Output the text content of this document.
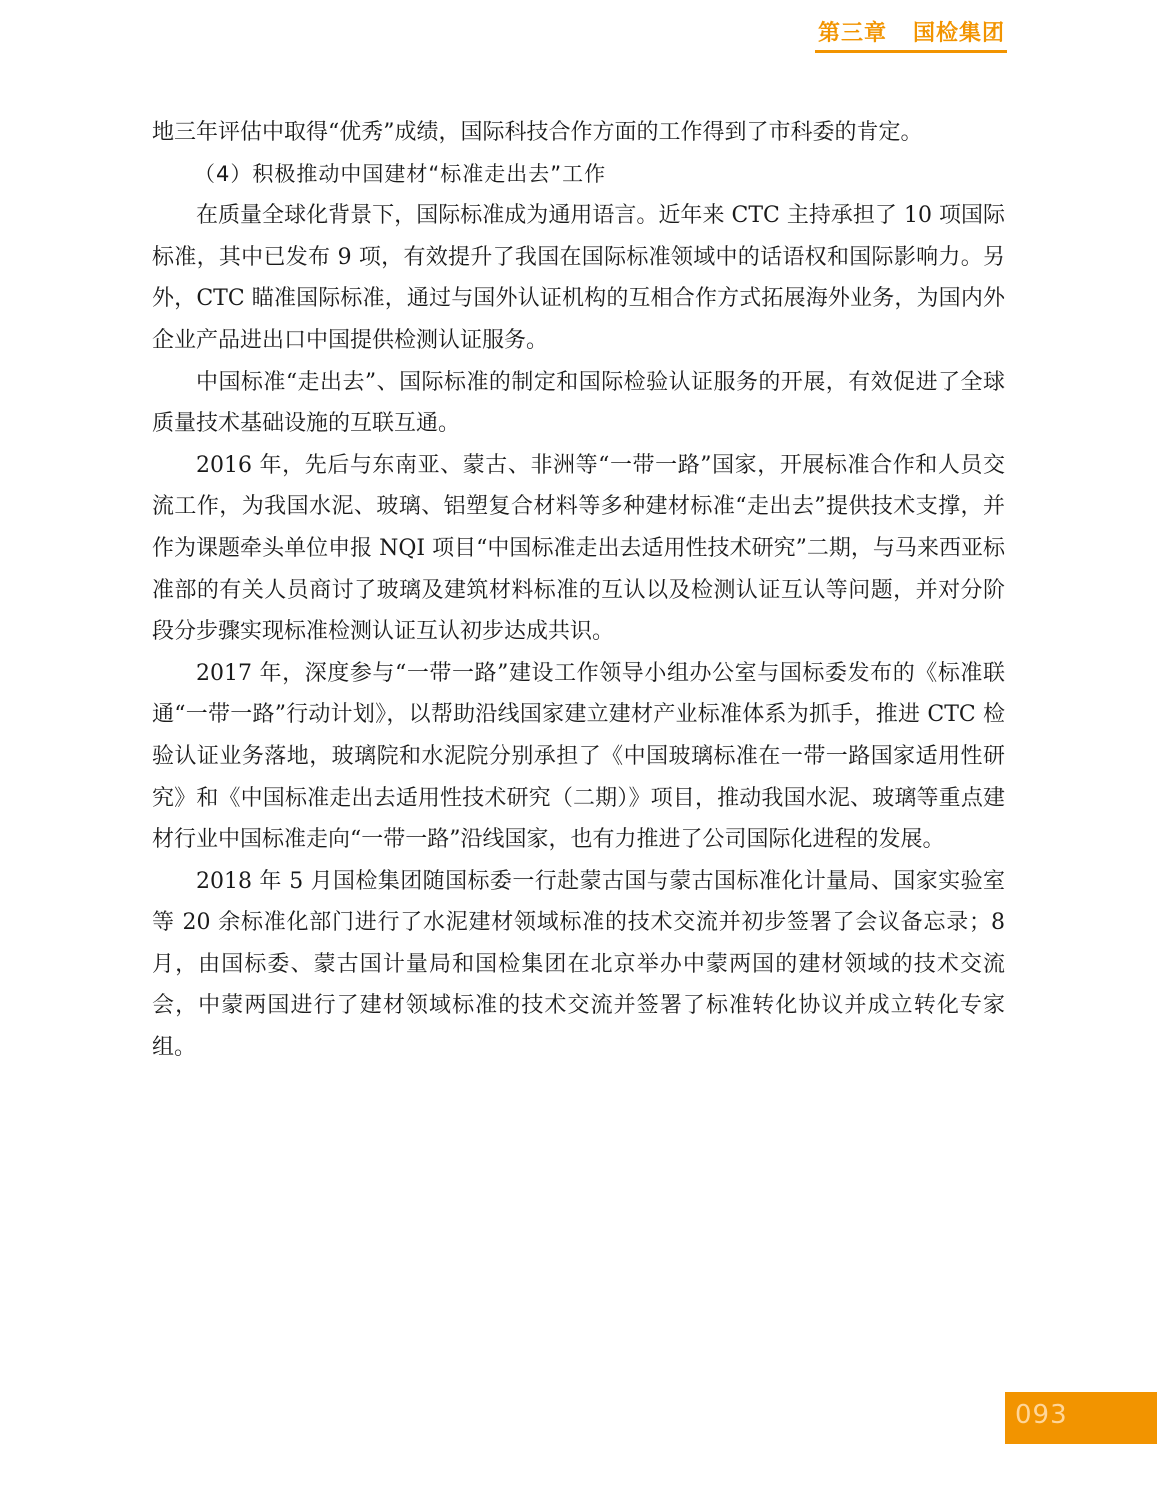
第三章 国检集团

地三年评估中取得“优秀”成绩，国际科技合作方面的工作得到了市科委的肯定。

（4）积极推动中国建材“标准走出去”工作

在质量全球化背景下，国际标准成为通用语言。近年来 CTC 主持承担了 10 项国际标准，其中已发布 9 项，有效提升了我国在国际标准领域中的话语权和国际影响力。另外，CTC 瞄准国际标准，通过与国外认证机构的互相合作方式拓展海外业务，为国内外企业产品进出口中国提供检测认证服务。

中国标准“走出去”、国际标准的制定和国际检验认证服务的开展，有效促进了全球质量技术基础设施的互联互通。

2016 年，先后与东南亚、蒙古、非洲等“一带一路”国家，开展标准合作和人员交流工作，为我国水泥、玻璃、铝塑复合材料等多种建材标准“走出去”提供技术支撑，并作为课题牵头单位申报 NQI 项目“中国标准走出去适用性技术研究”二期，与马来西亚标准部的有关人员商讨了玻璃及建筑材料标准的互认以及检测认证互认等问题，并对分阶段分步骤实现标准检测认证互认初步达成共识。

2017 年，深度参与“一带一路”建设工作领导小组办公室与国标委发布的《标准联通“一带一路”行动计划》，以帮助沿线国家建立建材产业标准体系为抓手，推进 CTC 检验认证业务落地，玻璃院和水泥院分别承担了《中国玻璃标准在一带一路国家适用性研究》和《中国标准走出去适用性技术研究（二期）》项目，推动我国水泥、玻璃等重点建材行业中国标准走向“一带一路”沿线国家，也有力推进了公司国际化进程的发展。

2018 年 5 月国检集团随国标委一行赴蒙古国与蒙古国标准化计量局、国家实验室等 20 余标准化部门进行了水泥建材领域标准的技术交流并初步签署了会议备忘录；8 月，由国标委、蒙古国计量局和国检集团在北京举办中蒙两国的建材领域的技术交流会，中蒙两国进行了建材领域标准的技术交流并签署了标准转化协议并成立转化专家组。

093
